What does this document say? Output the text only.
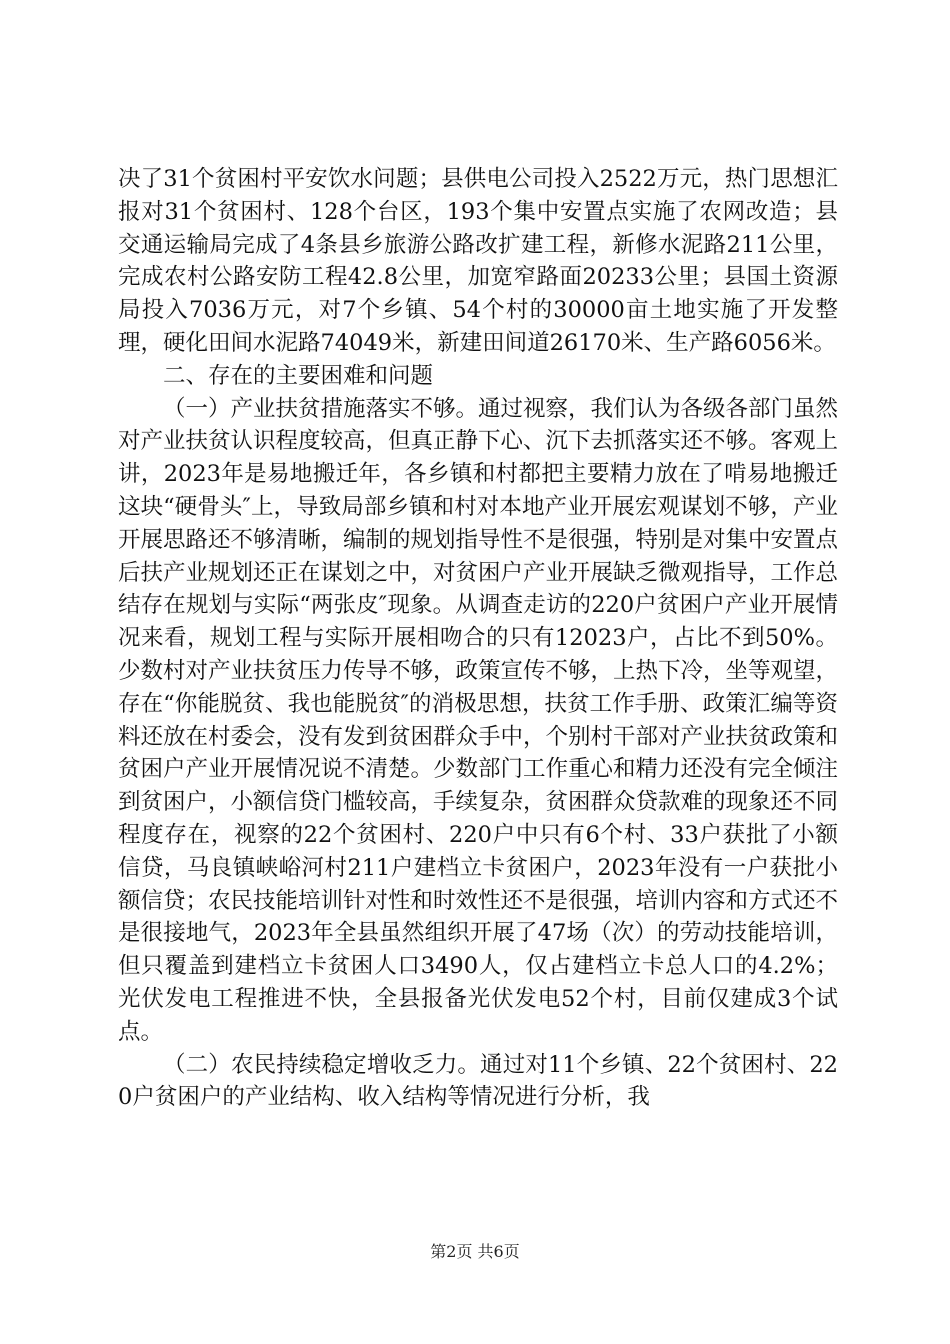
决了31个贫困村平安饮水问题；县供电公司投入2522万元，热门思想汇报对31个贫困村、128个台区，193个集中安置点实施了农网改造；县交通运输局完成了4条县乡旅游公路改扩建工程，新修水泥路211公里，完成农村公路安防工程42.8公里，加宽窄路面20233公里；县国土资源局投入7036万元，对7个乡镇、54个村的30000亩土地实施了开发整理，硬化田间水泥路74049米，新建田间道26170米、生产路6056米。

二、存在的主要困难和问题

（一）产业扶贫措施落实不够。通过视察，我们认为各级各部门虽然对产业扶贫认识程度较高，但真正静下心、沉下去抓落实还不够。客观上讲，2023年是易地搬迁年，各乡镇和村都把主要精力放在了啃易地搬迁这块“硬骨头″上，导致局部乡镇和村对本地产业开展宏观谋划不够，产业开展思路还不够清晰，编制的规划指导性不是很强，特别是对集中安置点后扶产业规划还正在谋划之中，对贫困户产业开展缺乏微观指导，工作总结存在规划与实际“两张皮″现象。从调查走访的220户贫困户产业开展情况来看，规划工程与实际开展相吻合的只有12023户，占比不到50%。少数村对产业扶贫压力传导不够，政策宣传不够，上热下冷，坐等观望，存在“你能脱贫、我也能脱贫″的消极思想，扶贫工作手册、政策汇编等资料还放在村委会，没有发到贫困群众手中，个别村干部对产业扶贫政策和贫困户产业开展情况说不清楚。少数部门工作重心和精力还没有完全倾注到贫困户，小额信贷门槛较高，手续复杂，贫困群众贷款难的现象还不同程度存在，视察的22个贫困村、220户中只有6个村、33户获批了小额信贷，马良镇峡峪河村211户建档立卡贫困户，2023年没有一户获批小额信贷；农民技能培训针对性和时效性还不是很强，培训内容和方式还不是很接地气，2023年全县虽然组织开展了47场（次）的劳动技能培训，但只覆盖到建档立卡贫困人口3490人，仅占建档立卡总人口的4.2%；光伏发电工程推进不快，全县报备光伏发电52个村，目前仅建成3个试点。

（二）农民持续稳定增收乏力。通过对11个乡镇、22个贫困村、220户贫困户的产业结构、收入结构等情况进行分析，我

第2页 共6页
